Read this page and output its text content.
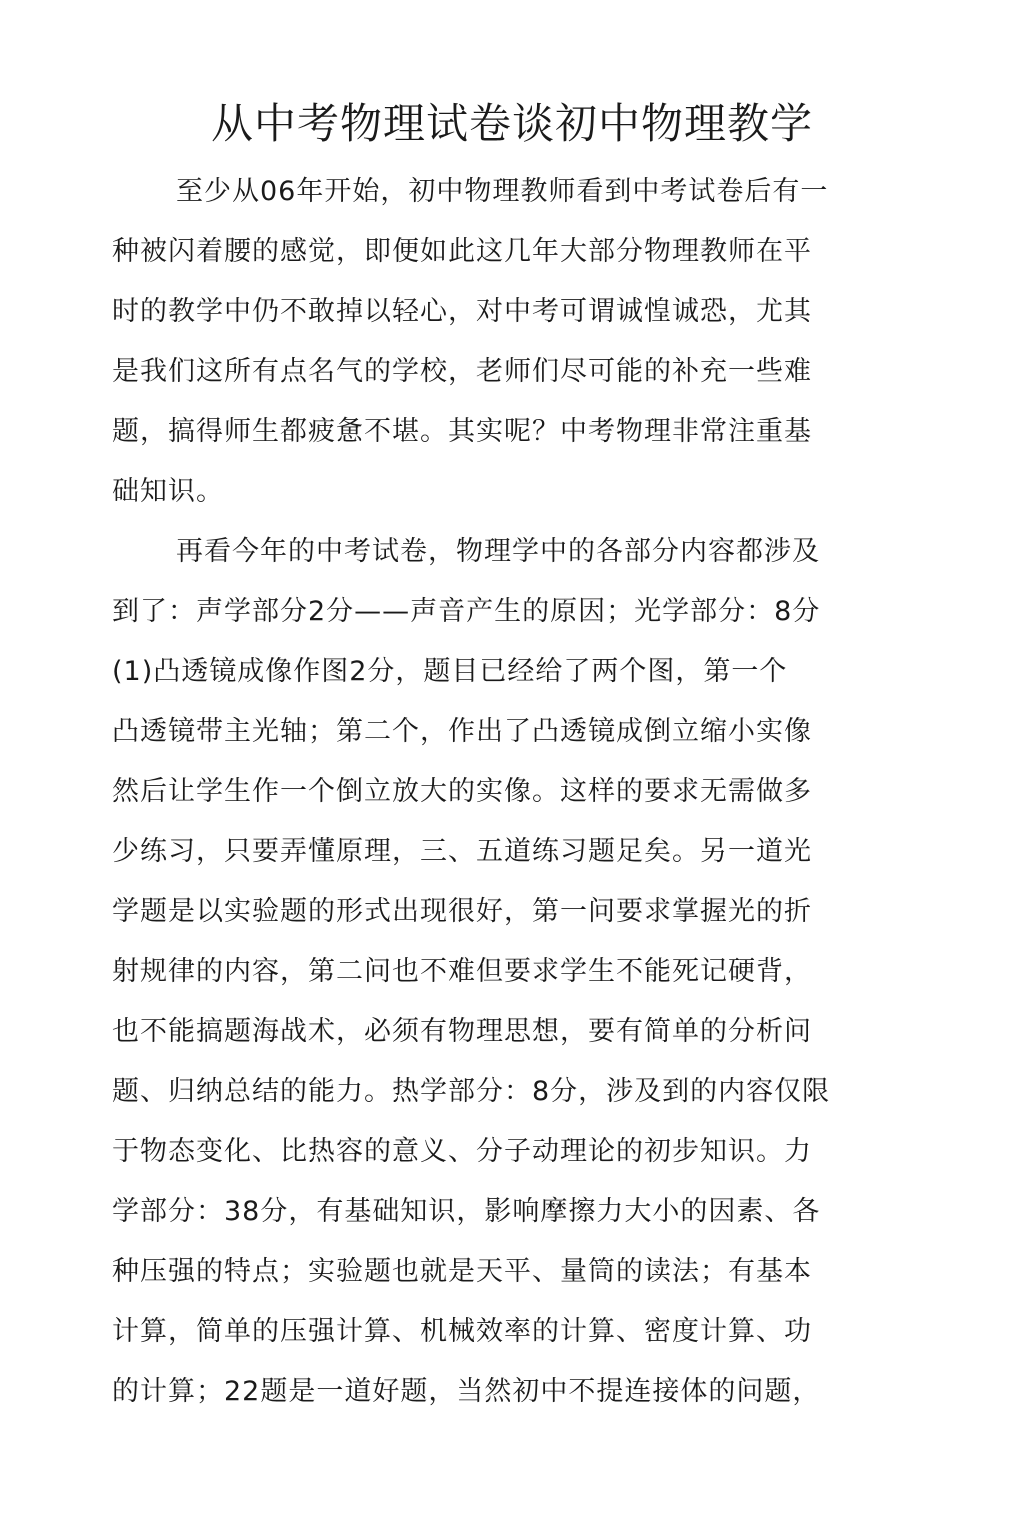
从中考物理试卷谈初中物理教学

至少从06年开始，初中物理教师看到中考试卷后有一

种被闪着腰的感觉，即便如此这几年大部分物理教师在平

时的教学中仍不敢掉以轻心，对中考可谓诚惶诚恐，尤其

是我们这所有点名气的学校，老师们尽可能的补充一些难

题，搞得师生都疲惫不堪。其实呢？中考物理非常注重基

础知识。

再看今年的中考试卷，物理学中的各部分内容都涉及

到了：声学部分2分——声音产生的原因；光学部分：8分

(1)凸透镜成像作图2分，题目已经给了两个图，第一个

凸透镜带主光轴；第二个，作出了凸透镜成倒立缩小实像

然后让学生作一个倒立放大的实像。这样的要求无需做多

少练习，只要弄懂原理，三、五道练习题足矣。另一道光

学题是以实验题的形式出现很好，第一问要求掌握光的折

射规律的内容，第二问也不难但要求学生不能死记硬背，

也不能搞题海战术，必须有物理思想，要有简单的分析问

题、归纳总结的能力。热学部分：8分，涉及到的内容仅限

于物态变化、比热容的意义、分子动理论的初步知识。力

学部分：38分，有基础知识，影响摩擦力大小的因素、各

种压强的特点；实验题也就是天平、量筒的读法；有基本

计算，简单的压强计算、机械效率的计算、密度计算、功

的计算；22题是一道好题，当然初中不提连接体的问题，
